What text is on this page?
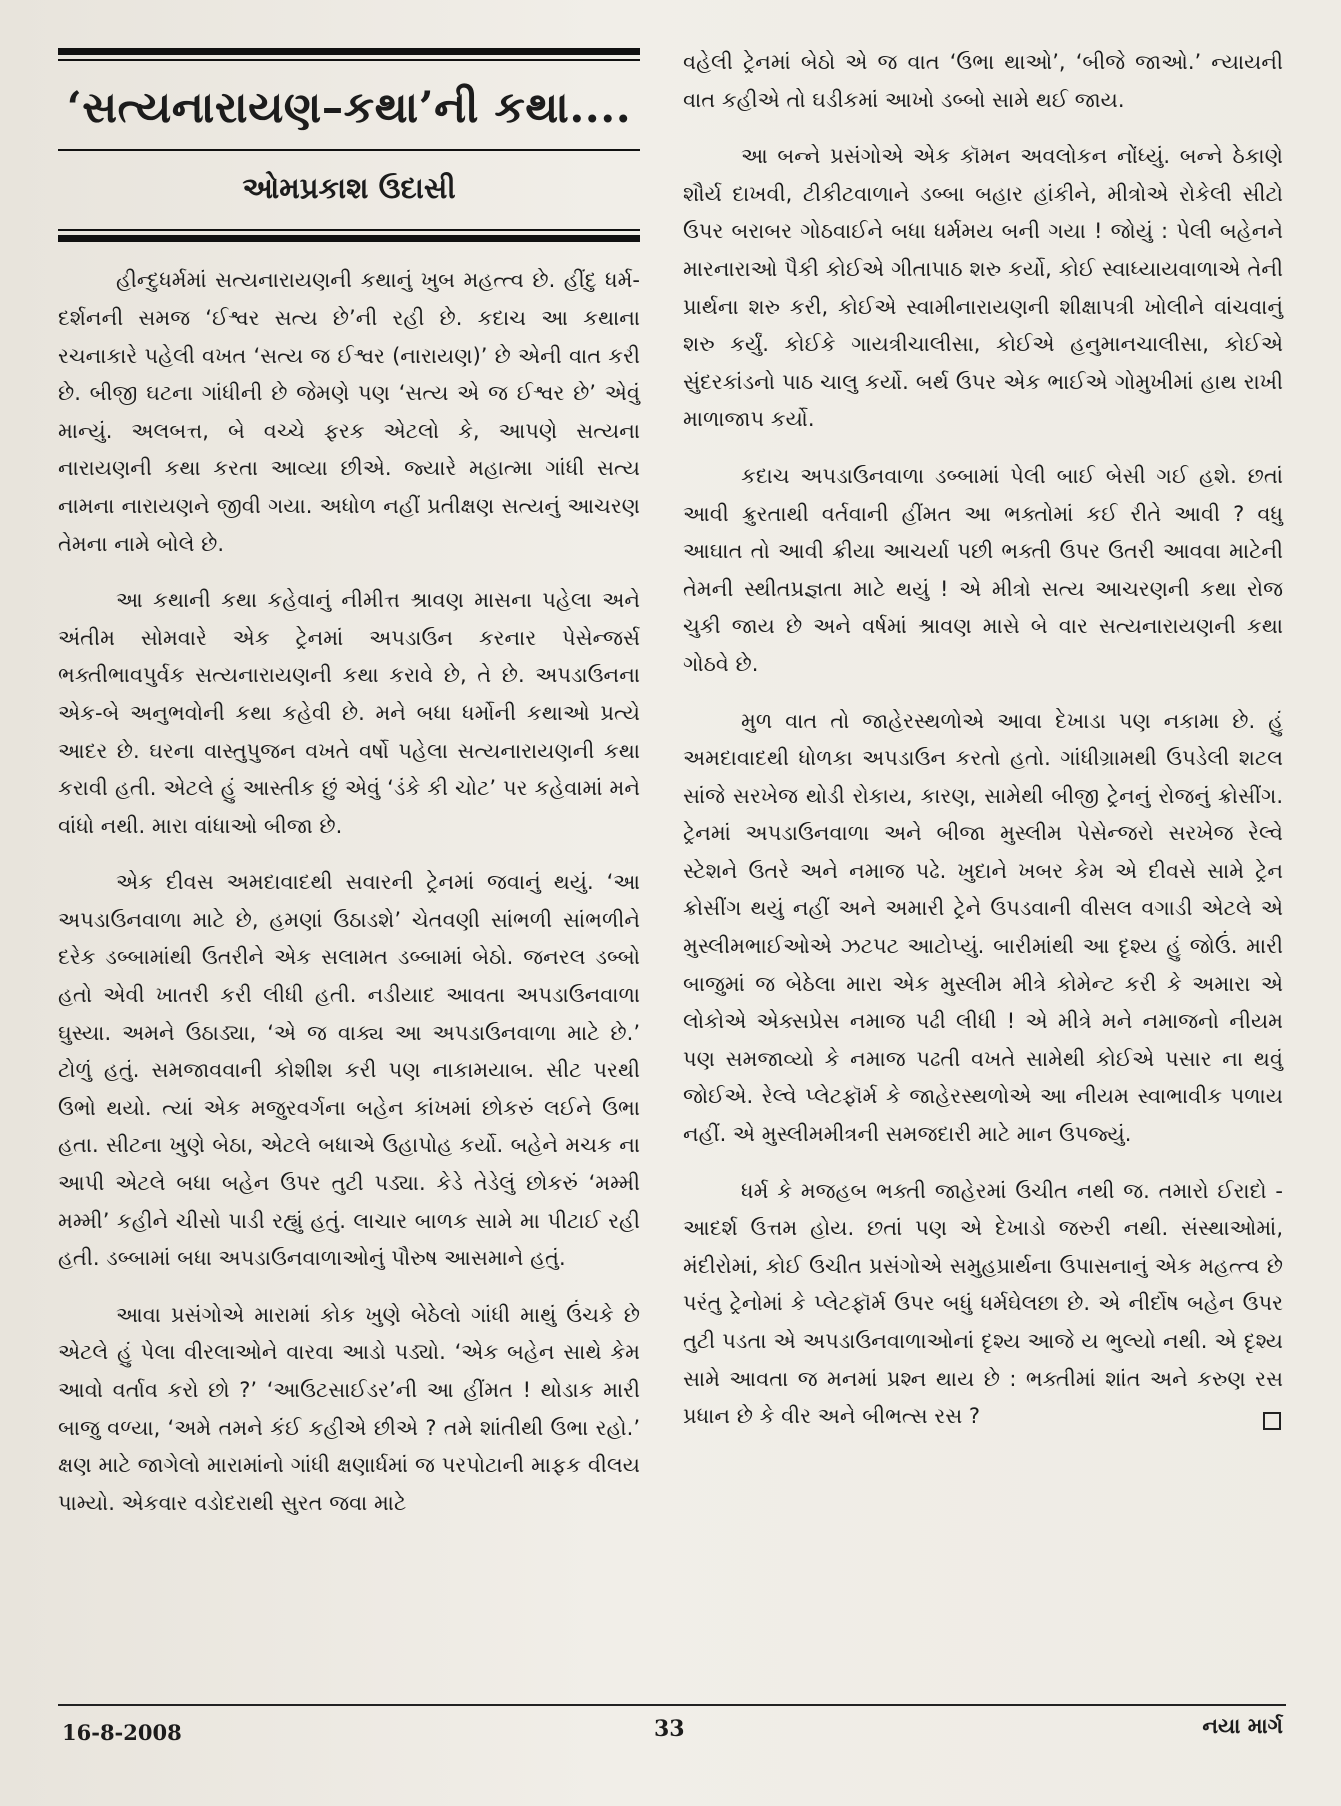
‘સત્યનારાયણ–કથા’ની કથા....
ઓમપ્રકાશ ઉદાસી

હીન્દુધર્મમાં સત્યનારાયણની કથાનું ખુબ મહત્ત્વ છે. હીંદુ ધર્મ-દર્શનની સમજ ‘ઈશ્વર સત્ય છે’ની રહી છે. કદાચ આ કથાના રચનાકારે પહેલી વખત ‘સત્ય જ ઈશ્વર (નારાયણ)’ છે એની વાત કરી છે. બીજી ઘટના ગાંધીની છે જેમણે પણ ‘સત્ય એ જ ઈશ્વર છે’ એવું માન્યું. અલબત્ત, બે વચ્ચે ફરક એટલો કે, આપણે સત્યના નારાયણની કથા કરતા આવ્યા છીએ. જ્યારે મહાત્મા ગાંધી સત્ય નામના નારાયણને જીવી ગયા. અધોળ નહીં પ્રતીક્ષણ સત્યનું આચરણ તેમના નામે બોલે છે.

આ કથાની કથા કહેવાનું નીમીત્ત શ્રાવણ માસના પહેલા અને અંતીમ સોમવારે એક ટ્રેનમાં અપડાઉન કરનાર પેસેન્જર્સ ભક્તીભાવપુર્વક સત્યનારાયણની કથા કરાવે છે, તે છે. અપડાઉનના એક-બે અનુભવોની કથા કહેવી છે. મને બધા ધર્મોની કથાઓ પ્રત્યે આદર છે. ઘરના વાસ્તુપુજન વખતે વર્ષો પહેલા સત્યનારાયણની કથા કરાવી હતી. એટલે હું આસ્તીક છું એવું ‘ડંકે કી ચોટ’ પર કહેવામાં મને વાંધો નથી. મારા વાંધાઓ બીજા છે.

એક દીવસ અમદાવાદથી સવારની ટ્રેનમાં જવાનું થયું. ‘આ અપડાઉનવાળા માટે છે, હમણાં ઉઠાડશે’ ચેતવણી સાંભળી સાંભળીને દરેક ડબ્બામાંથી ઉતરીને એક સલામત ડબ્બામાં બેઠો. જનરલ ડબ્બો હતો એવી ખાતરી કરી લીધી હતી. નડીયાદ આવતા અપડાઉનવાળા ઘુસ્યા. અમને ઉઠાડ્યા, ‘એ જ વાક્ય આ અપડાઉનવાળા માટે છે.’ ટોળું હતું. સમજાવવાની કોશીશ કરી પણ નાકામયાબ. સીટ પરથી ઉભો થયો. ત્યાં એક મજુરવર્ગના બહેન કાંખમાં છોકરું લઈને ઉભા હતા. સીટના ખુણે બેઠા, એટલે બધાએ ઉહાપોહ કર્યો. બહેને મચક ના આપી એટલે બધા બહેન ઉપર તુટી પડ્યા. કેડે તેડેલું છોકરું ‘મમ્મી મમ્મી’ કહીને ચીસો પાડી રહ્યું હતું. લાચાર બાળક સામે મા પીટાઈ રહી હતી. ડબ્બામાં બધા અપડાઉનવાળાઓનું પૌરુષ આસમાને હતું.

આવા પ્રસંગોએ મારામાં કોક ખુણે બેઠેલો ગાંધી માથું ઉંચકે છે એટલે હું પેલા વીરલાઓને વારવા આડો પડ્યો. ‘એક બહેન સાથે કેમ આવો વર્તાવ કરો છો ?’ ‘આઉટસાઈડર’ની આ હીંમત ! થોડાક મારી બાજુ વળ્યા, ‘અમે તમને કંઈ કહીએ છીએ ? તમે શાંતીથી ઉભા રહો.’ ક્ષણ માટે જાગેલો મારામાંનો ગાંધી ક્ષણાર્ધમાં જ પરપોટાની માફક વીલય પામ્યો. એકવાર વડોદરાથી સુરત જવા માટે

વહેલી ટ્રેનમાં બેઠો એ જ વાત ‘ઉભા થાઓ’, ‘બીજે જાઓ.’ ન્યાયની વાત કહીએ તો ઘડીકમાં આખો ડબ્બો સામે થઈ જાય.

આ બન્ને પ્રસંગોએ એક કૉમન અવલોકન નોંધ્યું. બન્ને ઠેકાણે શૌર્ય દાખવી, ટીકીટવાળાને ડબ્બા બહાર હાંકીને, મીત્રોએ રોકેલી સીટો ઉપર બરાબર ગોઠવાઈને બધા ધર્મમય બની ગયા ! જોયું : પેલી બહેનને મારનારાઓ પૈકી કોઈએ ગીતાપાઠ શરુ કર્યો, કોઈ સ્વાધ્યાયવાળાએ તેની પ્રાર્થના શરુ કરી, કોઈએ સ્વામીનારાયણની શીક્ષાપત્રી ખોલીને વાંચવાનું શરુ કર્યું. કોઈકે ગાયત્રીચાલીસા, કોઈએ હનુમાનચાલીસા, કોઈએ સુંદરકાંડનો પાઠ ચાલુ કર્યો. બર્થ ઉપર એક ભાઈએ ગોમુખીમાં હાથ રાખી માળાજાપ કર્યો.

કદાચ અપડાઉનવાળા ડબ્બામાં પેલી બાઈ બેસી ગઈ હશે. છતાં આવી ક્રુરતાથી વર્તવાની હીંમત આ ભક્તોમાં કઈ રીતે આવી ? વધુ આઘાત તો આવી ક્રીયા આચર્યા પછી ભક્તી ઉપર ઉતરી આવવા માટેની તેમની સ્થીતપ્રજ્ઞતા માટે થયું ! એ મીત્રો સત્ય આચરણની કથા રોજ ચુકી જાય છે અને વર્ષમાં શ્રાવણ માસે બે વાર સત્યનારાયણની કથા ગોઠવે છે.

મુળ વાત તો જાહેરસ્થળોએ આવા દેખાડા પણ નકામા છે. હું અમદાવાદથી ધોળકા અપડાઉન કરતો હતો. ગાંધીગ્રામથી ઉપડેલી શટલ સાંજે સરખેજ થોડી રોકાય, કારણ, સામેથી બીજી ટ્રેનનું રોજનું ક્રોસીંગ. ટ્રેનમાં અપડાઉનવાળા અને બીજા મુસ્લીમ પેસેન્જરો સરખેજ રેલ્વે સ્ટેશને ઉતરે અને નમાજ પઢે. ખુદાને ખબર કેમ એ દીવસે સામે ટ્રેન ક્રોસીંગ થયું નહીં અને અમારી ટ્રેને ઉપડવાની વીસલ વગાડી એટલે એ મુસ્લીમભાઈઓએ ઝટપટ આટોપ્યું. બારીમાંથી આ દૃશ્ય હું જોઉં. મારી બાજુમાં જ બેઠેલા મારા એક મુસ્લીમ મીત્રે કોમેન્ટ કરી કે અમારા એ લોકોએ એક્સપ્રેસ નમાજ પઢી લીધી ! એ મીત્રે મને નમાજનો નીયમ પણ સમજાવ્યો કે નમાજ પઢતી વખતે સામેથી કોઈએ પસાર ના થવું જોઈએ. રેલ્વે પ્લેટફૉર્મ કે જાહેરસ્થળોએ આ નીયમ સ્વાભાવીક પળાય નહીં. એ મુસ્લીમમીત્રની સમજદારી માટે માન ઉપજ્યું.

ધર્મ કે મજહબ ભક્તી જાહેરમાં ઉચીત નથી જ. તમારો ઈરાદો - આદર્શ ઉત્તમ હોય. છતાં પણ એ દેખાડો જરુરી નથી. સંસ્થાઓમાં, મંદીરોમાં, કોઈ ઉચીત પ્રસંગોએ સમુહપ્રાર્થના ઉપાસનાનું એક મહત્ત્વ છે પરંતુ ટ્રેનોમાં કે પ્લેટફૉર્મ ઉપર બધું ધર્મઘેલછા છે. એ નીર્દોષ બહેન ઉપર તુટી પડતા એ અપડાઉનવાળાઓનાં દૃશ્ય આજે ય ભુલ્યો નથી. એ દૃશ્ય સામે આવતા જ મનમાં પ્રશ્ન થાય છે : ભક્તીમાં શાંત અને કરુણ રસ પ્રધાન છે કે વીર અને બીભત્સ રસ ?

16-8-2008	33	નયા માર્ગ
